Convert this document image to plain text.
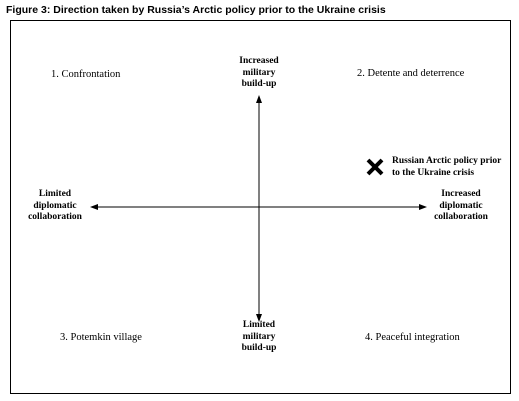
Figure 3: Direction taken by Russia’s Arctic policy prior to the Ukraine crisis
1. Confrontation	2. Detente and deterrence
3. Potemkin village	4. Peaceful integration
Increased
military
build-up
Limited
military
build-up
Limited
diplomatic
collaboration
Increased
diplomatic
collaboration
Russian Arctic policy prior
to the Ukraine crisis
